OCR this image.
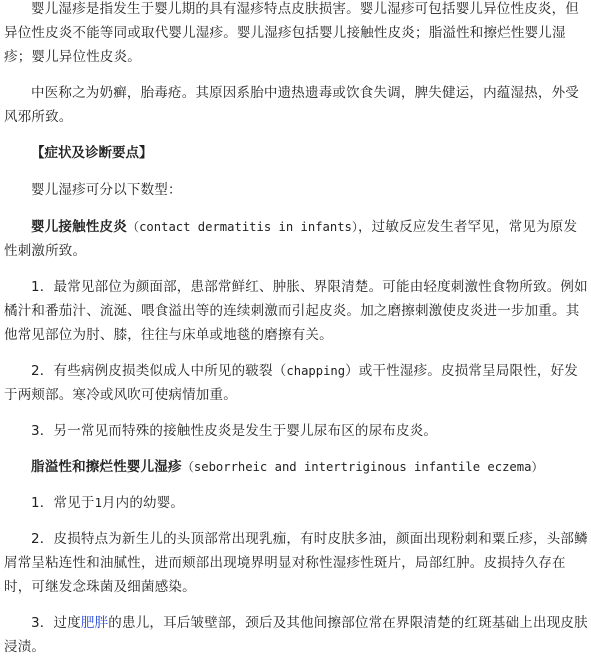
婴儿湿疹是指发生于婴儿期的具有湿疹特点皮肤损害。婴儿湿疹可包括婴儿异位性皮炎，但异位性皮炎不能等同或取代婴儿湿疹。婴儿湿疹包括婴儿接触性皮炎；脂溢性和擦烂性婴儿湿疹；婴儿异位性皮炎。

中医称之为奶癣，胎毒疮。其原因系胎中遗热遗毒或饮食失调，脾失健运，内蕴湿热，外受风邪所致。

【症状及诊断要点】

婴儿湿疹可分以下数型：

婴儿接触性皮炎（contact dermatitis in infants），过敏反应发生者罕见，常见为原发性刺激所致。

1．最常见部位为颜面部，患部常鲜红、肿胀、界限清楚。可能由轻度刺激性食物所致。例如橘汁和番茄汁、流涎、喂食溢出等的连续刺激而引起皮炎。加之磨擦刺激使皮炎进一步加重。其他常见部位为肘、膝，往往与床单或地毯的磨擦有关。

2．有些病例皮损类似成人中所见的皲裂（chapping）或干性湿疹。皮损常呈局限性，好发于两颊部。寒冷或风吹可使病情加重。

3．另一常见而特殊的接触性皮炎是发生于婴儿尿布区的尿布皮炎。

脂溢性和擦烂性婴儿湿疹（seborrheic and intertriginous infantile eczema）

1．常见于1月内的幼婴。

2．皮损特点为新生儿的头顶部常出现乳痂，有时皮肤多油，颜面出现粉刺和粟丘疹，头部鳞屑常呈粘连性和油腻性，进而颊部出现境界明显对称性湿疹性斑片，局部红肿。皮损持久存在时，可继发念珠菌及细菌感染。

3．过度肥胖的患儿，耳后皱壁部，颈后及其他间擦部位常在界限清楚的红斑基础上出现皮肤浸渍。
